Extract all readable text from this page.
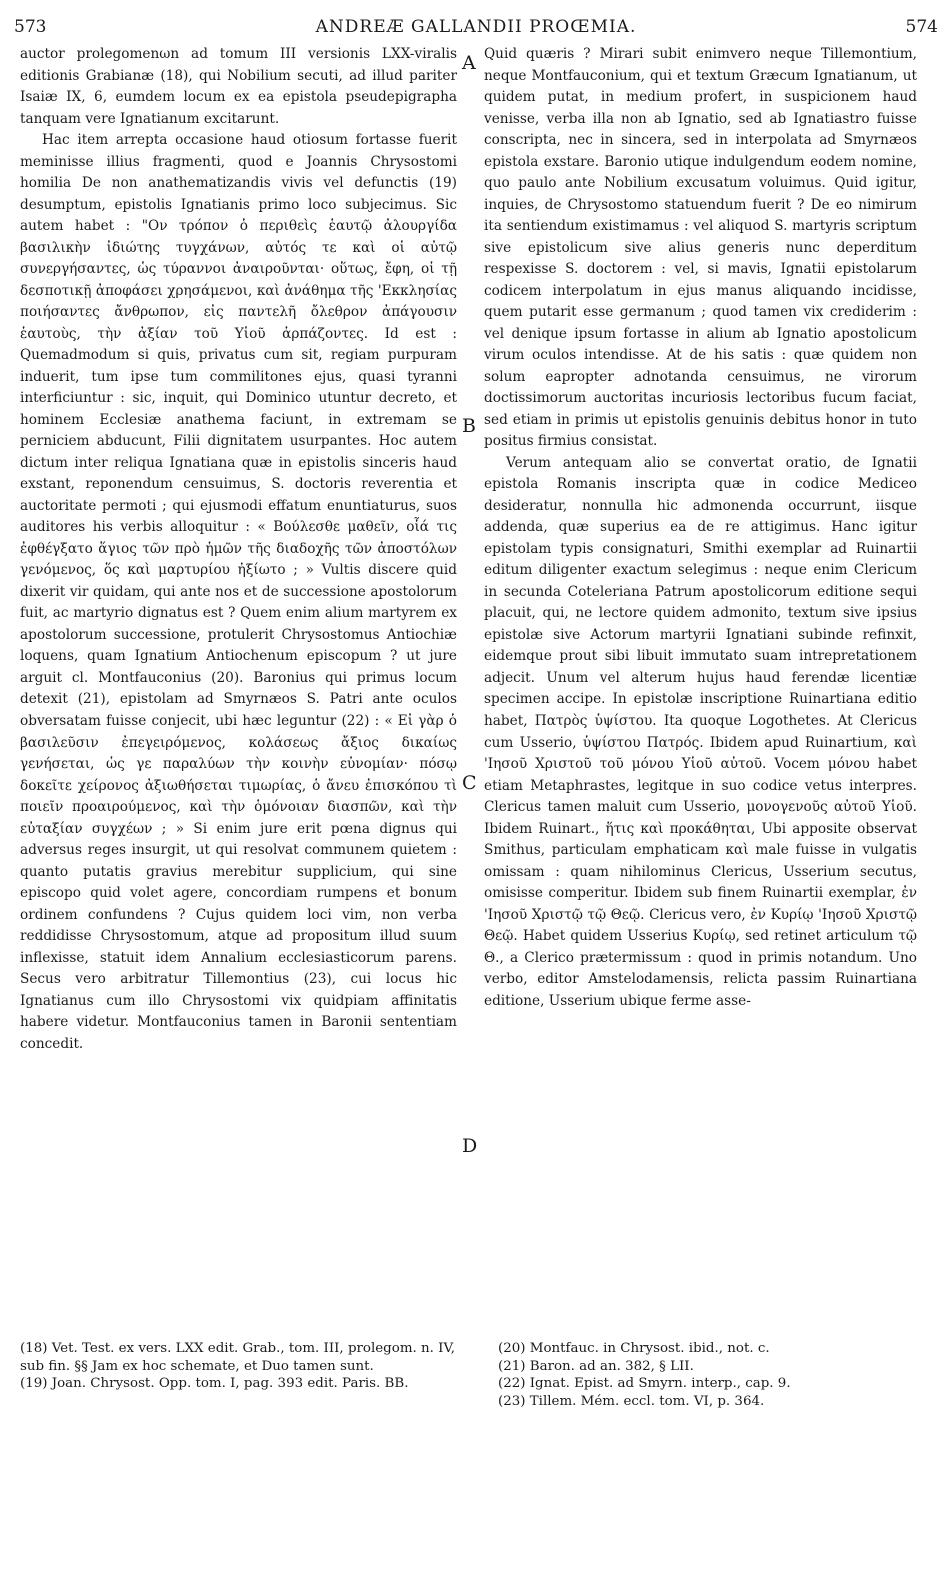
573	ANDREÆ GALLANDII PROŒMIA.	574

auctor prolegomenωn ad tomum III versionis LXX-viralis editionis Grabianæ (18), qui Nobilium secuti, ad illud pariter Isaiæ IX, 6, eumdem locum ex ea epistola pseudepigrapha tanquam vere Ignatianum excitarunt.

Hac item arrepta occasione haud otiosum fortasse fuerit meminisse illius fragmenti, quod e Joannis Chrysostomi homilia De non anathematizandis vivis vel defunctis (19) desumptum, epistolis Ignatianis primo loco subjecimus. Sic autem habet : "Ον τρόπον ὁ περιθεὶς ἑαυτῷ ἀλουργίδα βασιλικὴν ἰδιώτης τυγχάνων, αὐτός τε καὶ οἱ αὐτῷ συνεργήσαντες, ὡς τύραννοι ἀναιροῦνται· οὕτως, ἔφη, οἱ τῇ δεσποτικῇ ἀποφάσει χρησάμενοι, καὶ ἀνάθημα τῆς 'Εκκλησίας ποιήσαντες ἄνθρωπον, εἰς παντελῆ ὄλεθρον ἀπάγουσιν ἑαυτοὺς, τὴν ἀξίαν τοῦ Υἱοῦ ἁρπάζοντες. Id est : Quemadmodum si quis, privatus cum sit, regiam purpuram induerit, tum ipse tum commilitones ejus, quasi tyranni interficiuntur : sic, inquit, qui Dominico utuntur decreto, et hominem Ecclesiæ anathema faciunt, in extremam se perniciem abducunt, Filii dignitatem usurpantes. Hoc autem dictum inter reliqua Ignatiana quæ in epistolis sinceris haud exstant, reponendum censuimus, S. doctoris reverentia et auctoritate permoti ; qui ejusmodi effatum enuntiaturus, suos auditores his verbis alloquitur : « Βούλεσθε μαθεῖν, οἷά τις ἐφθέγξατο ἅγιος τῶν πρὸ ἡμῶν τῆς διαδοχῆς τῶν ἀποστόλων γενόμενος, ὅς καὶ μαρτυρίου ἠξίωτο ; » Vultis discere quid dixerit vir quidam, qui ante nos et de successione apostolorum fuit, ac martyrio dignatus est ? Quem enim alium martyrem ex apostolorum successione, protulerit Chrysostomus Antiochiæ loquens, quam Ignatium Antiochenum episcopum ? ut jure arguit cl. Montfauconius (20). Baronius qui primus locum detexit (21), epistolam ad Smyrnæos S. Patri ante oculos obversatam fuisse conjecit, ubi hæc leguntur (22) : « Εἰ γὰρ ὁ βασιλεῦσιν ἐπεγειρόμενος, κολάσεως ἄξιος δικαίως γενήσεται, ὡς γε παραλύων τὴν κοινὴν εὐνομίαν· πόσῳ δοκεῖτε χείρονος ἀξιωθήσεται τιμωρίας, ὁ ἄνευ ἐπισκόπου τὶ ποιεῖν προαιρούμενος, καὶ τὴν ὁμόνοιαν διασπῶν, καὶ τὴν εὐταξίαν συγχέων ; » Si enim jure erit pœna dignus qui adversus reges insurgit, ut qui resolvat communem quietem : quanto putatis gravius merebitur supplicium, qui sine episcopo quid volet agere, concordiam rumpens et bonum ordinem confundens ? Cujus quidem loci vim, non verba reddidisse Chrysostomum, atque ad propositum illud suum inflexisse, statuit idem Annalium ecclesiasticorum parens. Secus vero arbitratur Tillemontius (23), cui locus hic Ignatianus cum illo Chrysostomi vix quidpiam affinitatis habere videtur. Montfauconius tamen in Baronii sententiam concedit.

A
B
C
D

Quid quæris ? Mirari subit enimvero neque Tillemontium, neque Montfauconium, qui et textum Græcum Ignatianum, ut quidem putat, in medium profert, in suspicionem haud venisse, verba illa non ab Ignatio, sed ab Ignatiastro fuisse conscripta, nec in sincera, sed in interpolata ad Smyrnæos epistola exstare. Baronio utique indulgendum eodem nomine, quo paulo ante Nobilium excusatum voluimus. Quid igitur, inquies, de Chrysostomo statuendum fuerit ? De eo nimirum ita sentiendum existimamus : vel aliquod S. martyris scriptum sive epistolicum sive alius generis nunc deperditum respexisse S. doctorem : vel, si mavis, Ignatii epistolarum codicem interpolatum in ejus manus aliquando incidisse, quem putarit esse germanum ; quod tamen vix crediderim : vel denique ipsum fortasse in alium ab Ignatio apostolicum virum oculos intendisse. At de his satis : quæ quidem non solum eapropter adnotanda censuimus, ne virorum doctissimorum auctoritas incuriosis lectoribus fucum faciat, sed etiam in primis ut epistolis genuinis debitus honor in tuto positus firmius consistat.

Verum antequam alio se convertat oratio, de Ignatii epistola Romanis inscripta quæ in codice Mediceo desideratur, nonnulla hic admonenda occurrunt, iisque addenda, quæ superius ea de re attigimus. Hanc igitur epistolam typis consignaturi, Smithi exemplar ad Ruinartii editum diligenter exactum selegimus : neque enim Clericum in secunda Coteleriana Patrum apostolicorum editione sequi placuit, qui, ne lectore quidem admonito, textum sive ipsius epistolæ sive Actorum martyrii Ignatiani subinde refinxit, eidemque prout sibi libuit immutato suam intrepretationem adjecit. Unum vel alterum hujus haud ferendæ licentiæ specimen accipe. In epistolæ inscriptione Ruinartiana editio habet, Πατρὸς ὑψίστου. Ita quoque Logothetes. At Clericus cum Usserio, ὑψίστου Πατρός. Ibidem apud Ruinartium, καὶ 'Ιησοῦ Χριστοῦ τοῦ μόνου Υἱοῦ αὐτοῦ. Vocem μόνου habet etiam Metaphrastes, legitque in suo codice vetus interpres. Clericus tamen maluit cum Usserio, μονογενοῦς αὐτοῦ Υἱοῦ. Ibidem Ruinart., ἥτις καὶ προκάθηται, Ubi apposite observat Smithus, particulam emphaticam καὶ male fuisse in vulgatis omissam : quam nihilominus Clericus, Usserium secutus, omisisse comperitur. Ibidem sub finem Ruinartii exemplar, ἐν 'Ιησοῦ Χριστῷ τῷ Θεῷ. Clericus vero, ἐν Κυρίῳ 'Ιησοῦ Χριστῷ Θεῷ. Habet quidem Usserius Κυρίῳ, sed retinet articulum τῷ Θ., a Clerico prætermissum : quod in primis notandum. Uno verbo, editor Amstelodamensis, relicta passim Ruinartiana editione, Usserium ubique ferme asse-

(18) Vet. Test. ex vers. LXX edit. Grab., tom. III, prolegom. n. IV, sub fin. §§ Jam ex hoc schemate, et Duo tamen sunt.
(19) Joan. Chrysost. Opp. tom. I, pag. 393 edit. Paris. BB.
(20) Montfauc. in Chrysost. ibid., not. c.
(21) Baron. ad an. 382, § LII.
(22) Ignat. Epist. ad Smyrn. interp., cap. 9.
(23) Tillem. Mém. eccl. tom. VI, p. 364.
